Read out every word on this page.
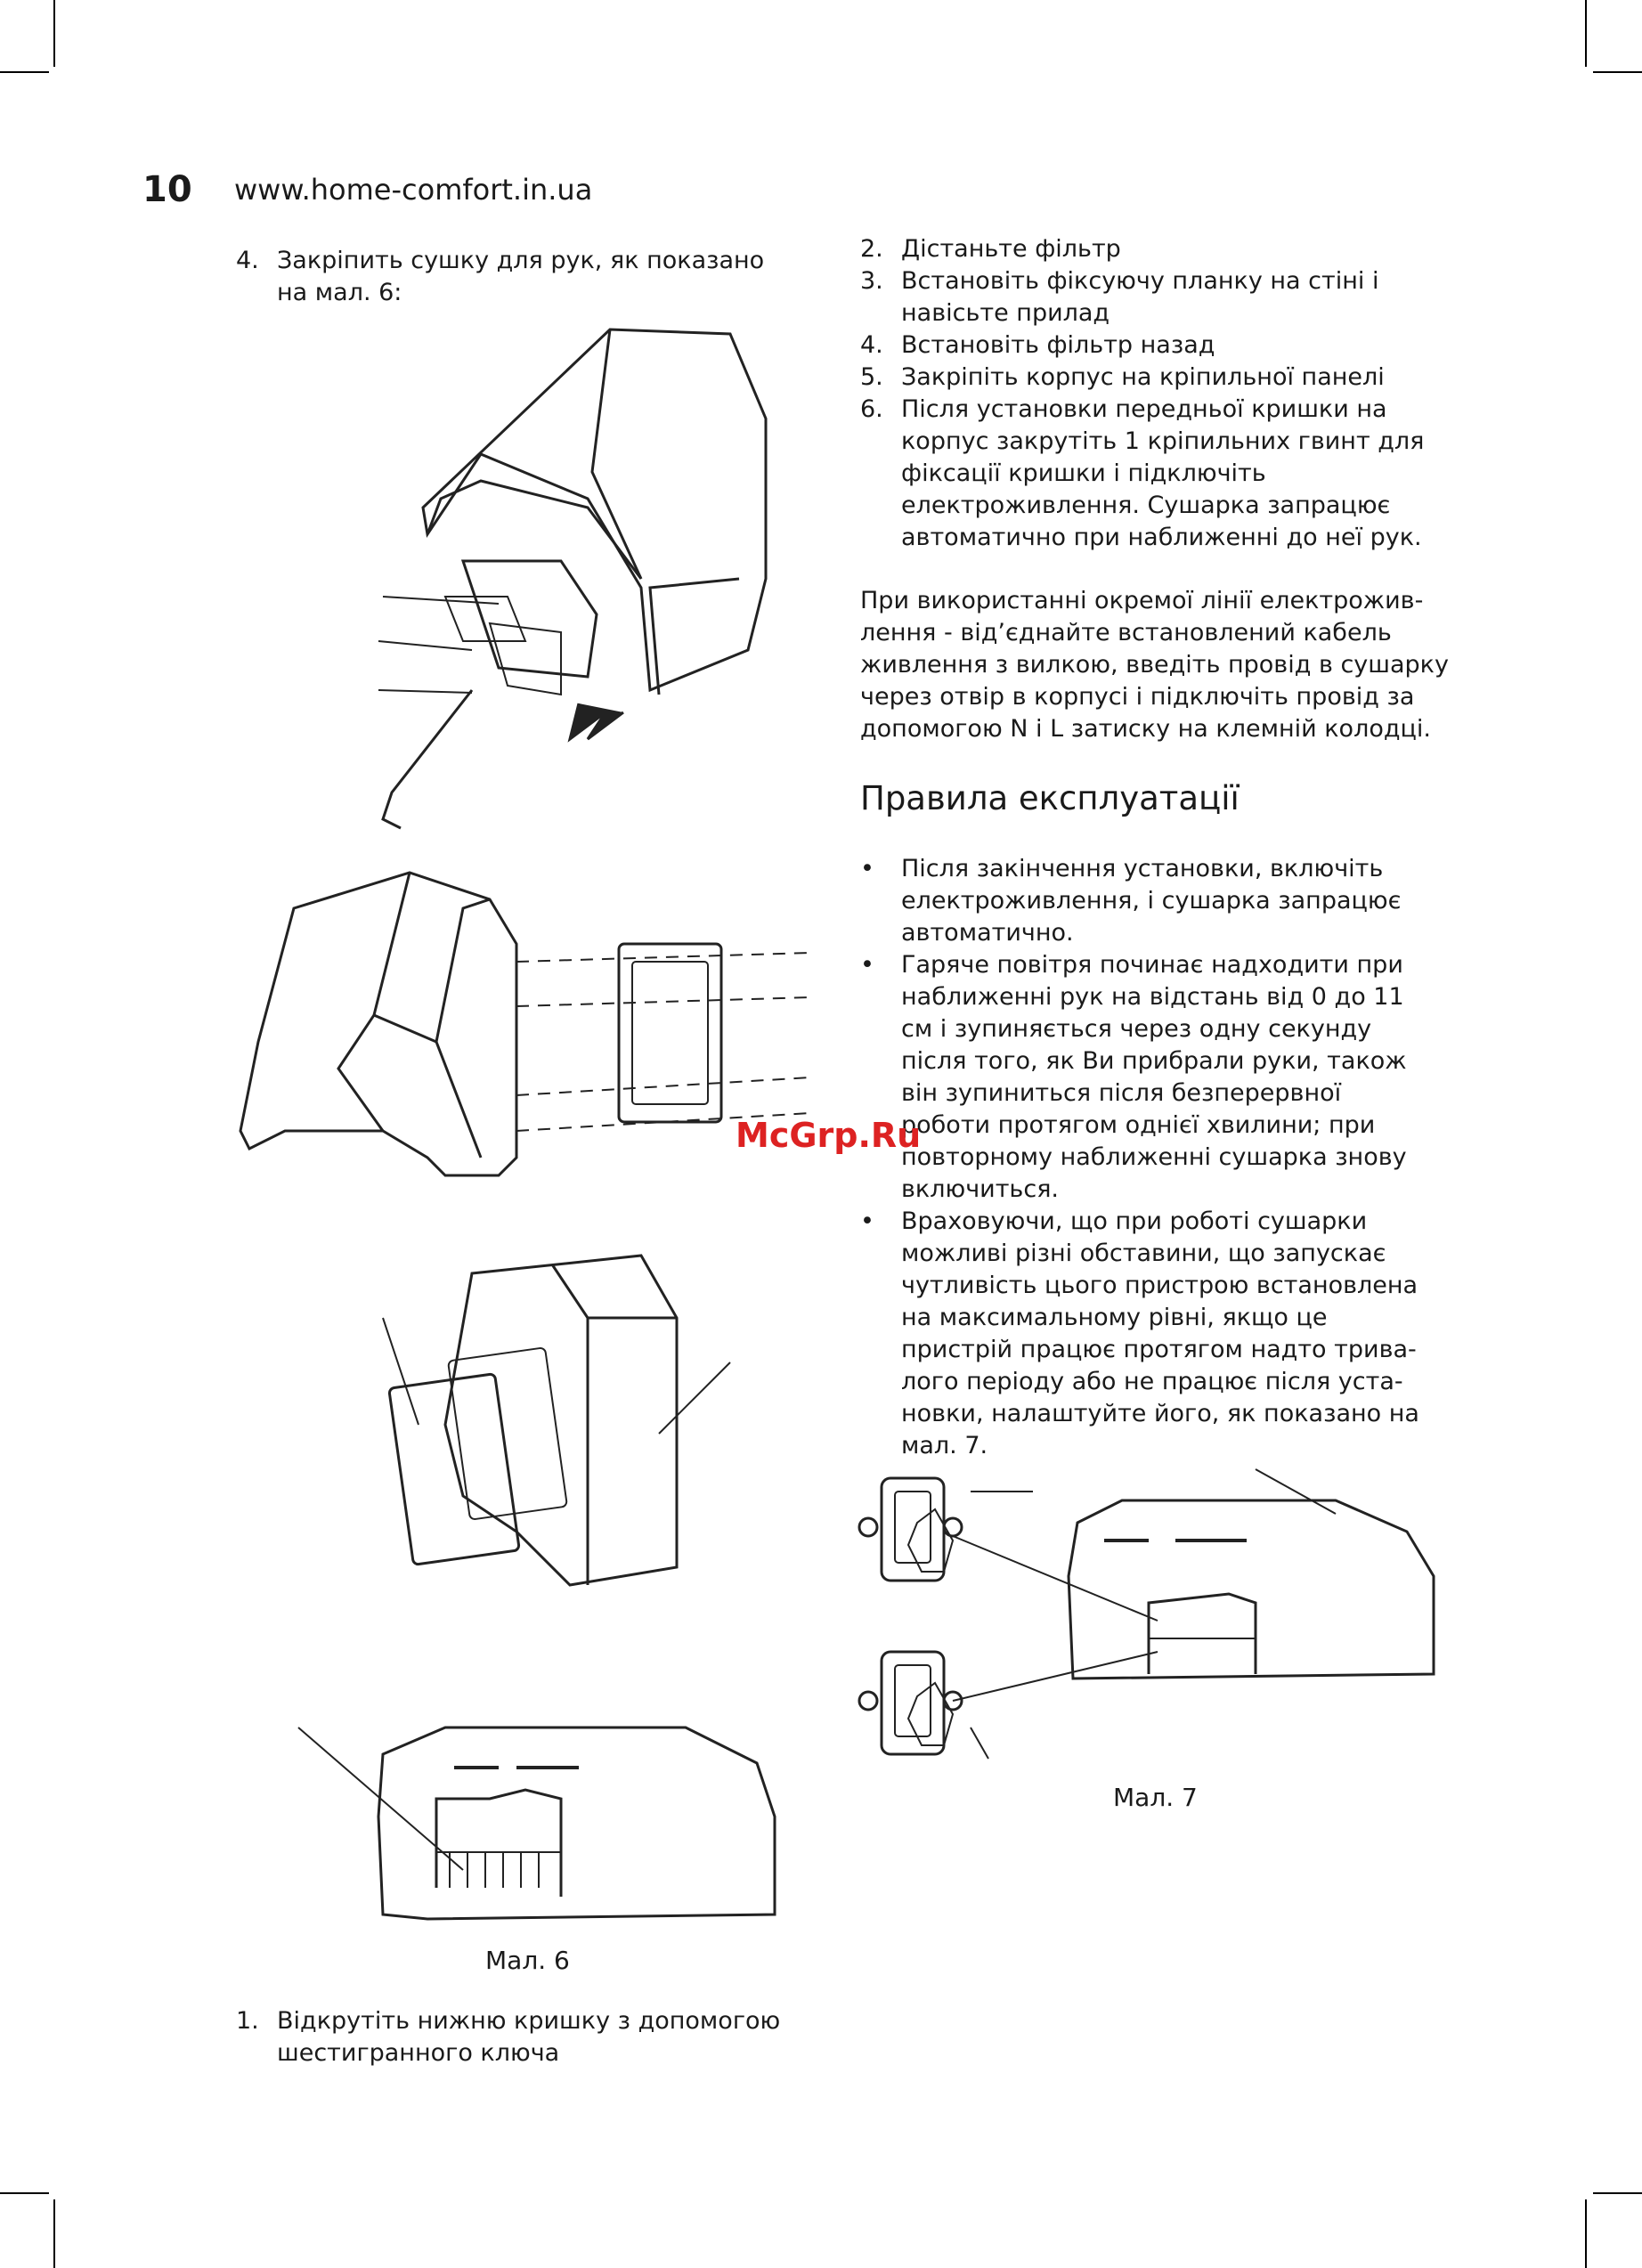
10 www.home-comfort.in.ua
4. Закріпить сушку для рук, як показано на мал. 6:
Мал. 6
1. Відкрутіть нижню кришку з допомогою шестигранного ключа
2. Дістаньте фільтр
3. Встановіть фіксуючу планку на стіні і навісьте прилад
4. Встановіть фільтр назад
5. Закріпіть корпус на кріпильної панелі
6. Після установки передньої кришки на корпус закрутіть 1 кріпильних гвинт для фіксації кришки і підключіть електроживлення. Сушарка запрацює автоматично при наближенні до неї рук.

При використанні окремої лінії електроживлення - від’єднайте встановлений кабель живлення з вилкою, введіть провід в сушарку через отвір в корпусі і підключіть провід за допомогою N і L затиску на клемній колодці.

Правила експлуатації
• Після закінчення установки, включіть електроживлення, і сушарка запрацює автоматично.
• Гаряче повітря починає надходити при наближенні рук на відстань від 0 до 11 см і зупиняється через одну секунду після того, як Ви прибрали руки, також він зупиниться після безперервної роботи протягом однієї хвилини; при повторному наближенні сушарка знову включиться.
• Враховуючи, що при роботі сушарки можливі різні обставини, що запускає чутливість цього пристрою встановлена на максимальному рівні, якщо це пристрій працює протягом надто тривалого періоду або не працює після установки, налаштуйте його, як показано на мал. 7.
Мал. 7
McGrp.Ru
